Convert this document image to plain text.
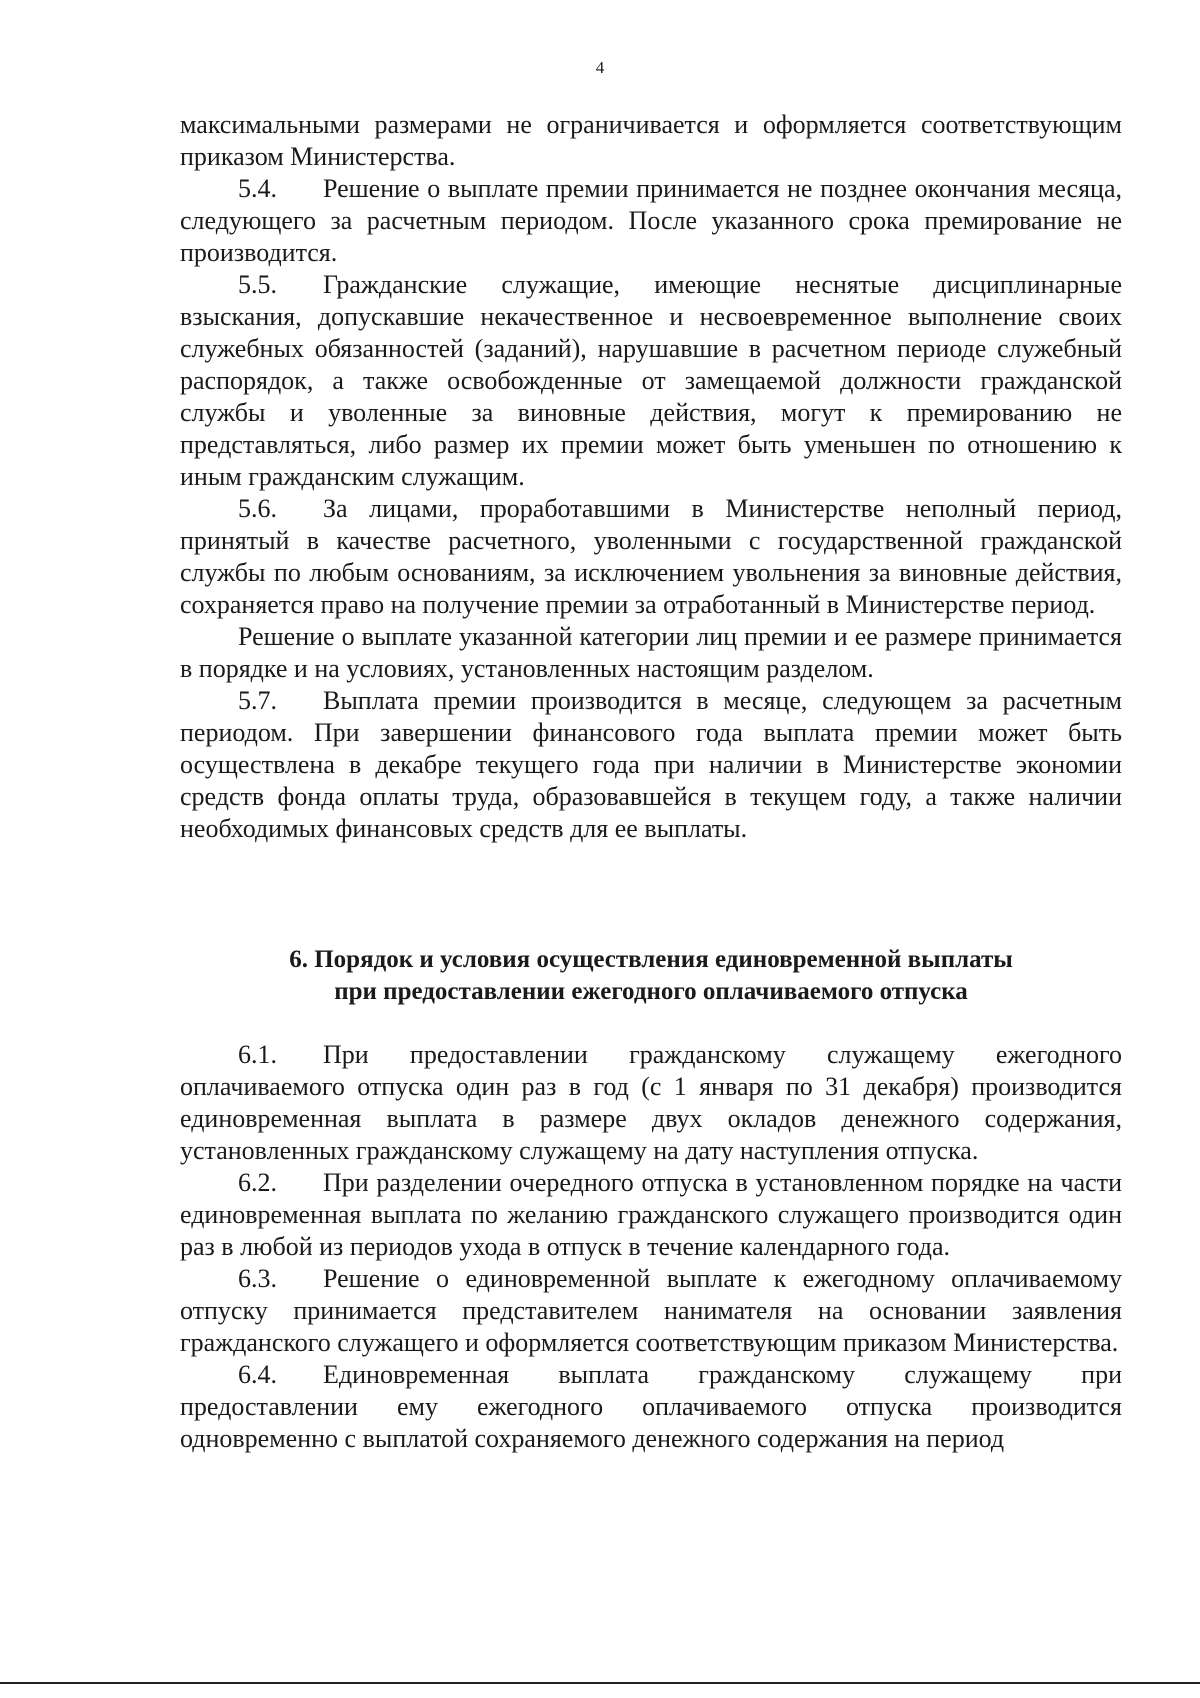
4

максимальными размерами не ограничивается и оформляется соответствующим приказом Министерства.

5.4. Решение о выплате премии принимается не позднее окончания месяца, следующего за расчетным периодом. После указанного срока премирование не производится.

5.5. Гражданские служащие, имеющие неснятые дисциплинарные взыскания, допускавшие некачественное и несвоевременное выполнение своих служебных обязанностей (заданий), нарушавшие в расчетном периоде служебный распорядок, а также освобожденные от замещаемой должности гражданской службы и уволенные за виновные действия, могут к премированию не представляться, либо размер их премии может быть уменьшен по отношению к иным гражданским служащим.

5.6. За лицами, проработавшими в Министерстве неполный период, принятый в качестве расчетного, уволенными с государственной гражданской службы по любым основаниям, за исключением увольнения за виновные действия, сохраняется право на получение премии за отработанный в Министерстве период.

Решение о выплате указанной категории лиц премии и ее размере принимается в порядке и на условиях, установленных настоящим разделом.

5.7. Выплата премии производится в месяце, следующем за расчетным периодом. При завершении финансового года выплата премии может быть осуществлена в декабре текущего года при наличии в Министерстве экономии средств фонда оплаты труда, образовавшейся в текущем году, а также наличии необходимых финансовых средств для ее выплаты.

6. Порядок и условия осуществления единовременной выплаты
при предоставлении ежегодного оплачиваемого отпуска

6.1. При предоставлении гражданскому служащему ежегодного оплачиваемого отпуска один раз в год (с 1 января по 31 декабря) производится единовременная выплата в размере двух окладов денежного содержания, установленных гражданскому служащему на дату наступления отпуска.

6.2. При разделении очередного отпуска в установленном порядке на части единовременная выплата по желанию гражданского служащего производится один раз в любой из периодов ухода в отпуск в течение календарного года.

6.3. Решение о единовременной выплате к ежегодному оплачиваемому отпуску принимается представителем нанимателя на основании заявления гражданского служащего и оформляется соответствующим приказом Министерства.

6.4. Единовременная выплата гражданскому служащему при предоставлении ему ежегодного оплачиваемого отпуска производится одновременно с выплатой сохраняемого денежного содержания на период
